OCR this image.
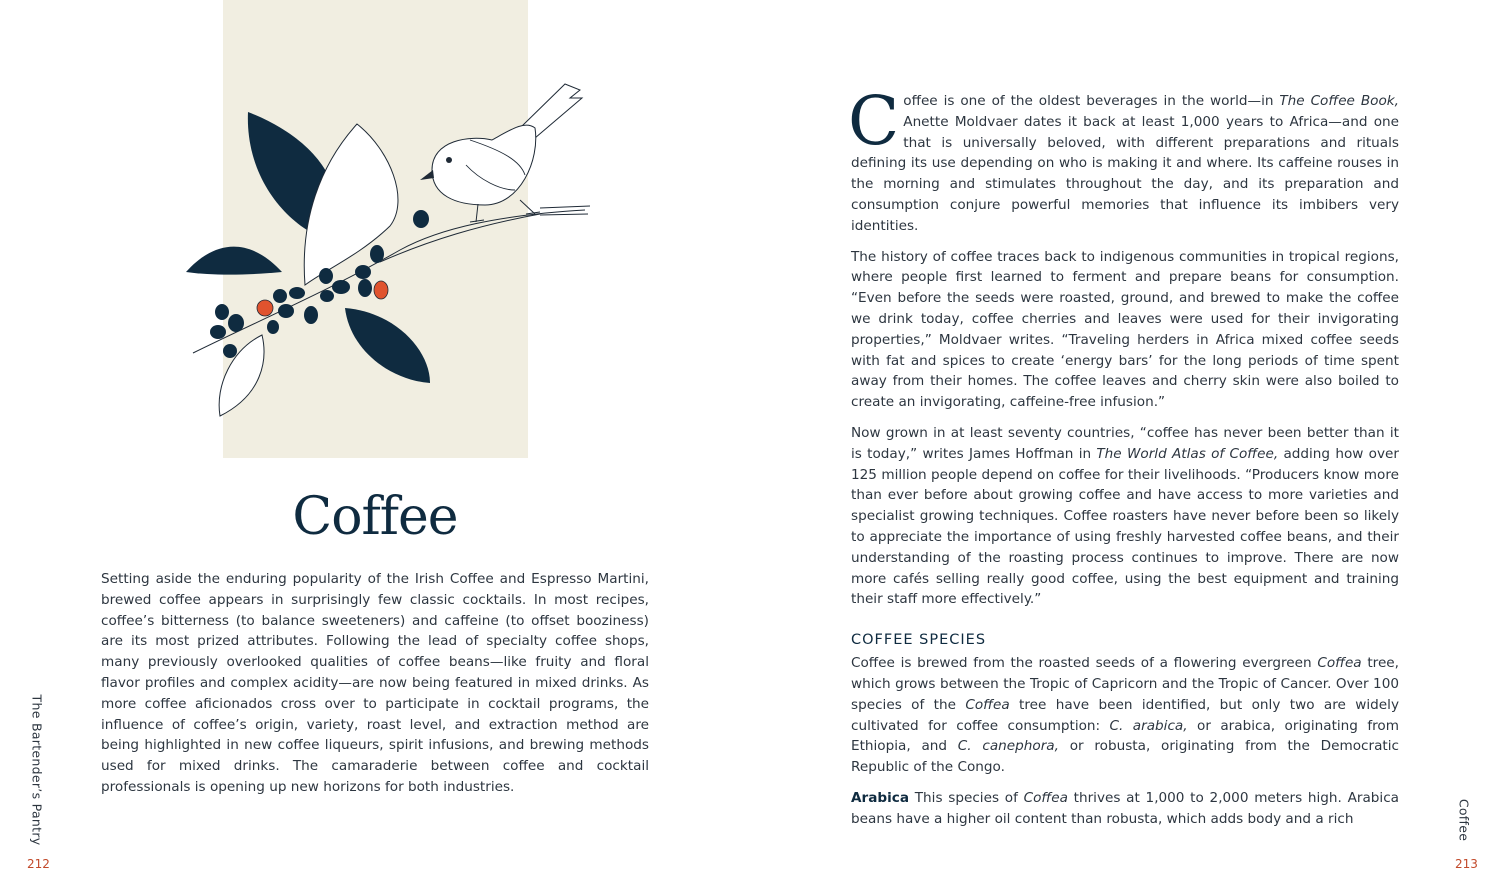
Coffee

Setting aside the enduring popularity of the Irish Coffee and Espresso Martini, brewed coffee appears in surprisingly few classic cocktails. In most recipes, coffee’s bitterness (to balance sweeteners) and caffeine (to offset booziness) are its most prized attributes. Following the lead of specialty coffee shops, many previously overlooked qualities of coffee beans—like fruity and floral flavor profiles and complex acidity—are now being featured in mixed drinks. As more coffee aficionados cross over to participate in cocktail programs, the influence of coffee’s origin, variety, roast level, and extraction method are being highlighted in new coffee liqueurs, spirit infusions, and brewing methods used for mixed drinks. The camaraderie between coffee and cocktail professionals is opening up new horizons for both industries.

The Bartender’s Pantry
212

Coffee is one of the oldest beverages in the world—in The Coffee Book, Anette Moldvaer dates it back at least 1,000 years to Africa—and one that is universally beloved, with different preparations and rituals defining its use depending on who is making it and where. Its caffeine rouses in the morning and stimulates throughout the day, and its preparation and consumption conjure powerful memories that influence its imbibers very identities.

The history of coffee traces back to indigenous communities in tropical regions, where people first learned to ferment and prepare beans for consumption. “Even before the seeds were roasted, ground, and brewed to make the coffee we drink today, coffee cherries and leaves were used for their invigorating properties,” Moldvaer writes. “Traveling herders in Africa mixed coffee seeds with fat and spices to create ‘energy bars’ for the long periods of time spent away from their homes. The coffee leaves and cherry skin were also boiled to create an invigorating, caffeine-free infusion.”

Now grown in at least seventy countries, “coffee has never been better than it is today,” writes James Hoffman in The World Atlas of Coffee, adding how over 125 million people depend on coffee for their livelihoods. “Producers know more than ever before about growing coffee and have access to more varieties and specialist growing techniques. Coffee roasters have never before been so likely to appreciate the importance of using freshly harvested coffee beans, and their understanding of the roasting process continues to improve. There are now more cafés selling really good coffee, using the best equipment and training their staff more effectively.”

COFFEE SPECIES

Coffee is brewed from the roasted seeds of a flowering evergreen Coffea tree, which grows between the Tropic of Capricorn and the Tropic of Cancer. Over 100 species of the Coffea tree have been identified, but only two are widely cultivated for coffee consumption: C. arabica, or arabica, originating from Ethiopia, and C. canephora, or robusta, originating from the Democratic Republic of the Congo.

Arabica This species of Coffea thrives at 1,000 to 2,000 meters high. Arabica beans have a higher oil content than robusta, which adds body and a rich	Coffee
213
